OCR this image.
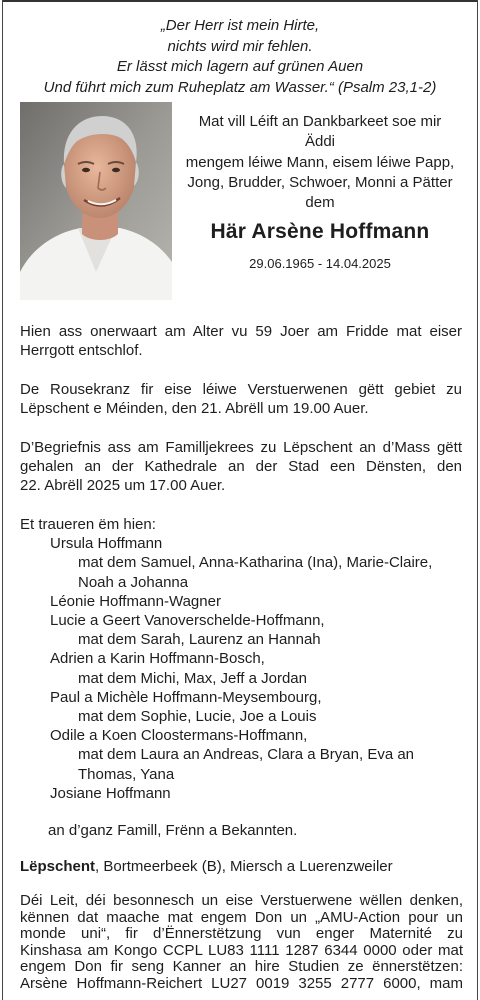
„Der Herr ist mein Hirte,
nichts wird mir fehlen.
Er lässt mich lagern auf grünen Auen
Und führt mich zum Ruheplatz am Wasser.“ (Psalm 23,1-2)
Mat vill Léift an Dankbarkeet soe mir
Äddi
mengem léiwe Mann, eisem léiwe Papp,
Jong, Brudder, Schwoer, Monni a Pätter
dem
Här Arsène Hoffmann
29.06.1965 - 14.04.2025
Hien ass onerwaart am Alter vu 59 Joer am Fridde mat eiser Herrgott entschlof.
De Rousekranz fir eise léiwe Verstuerwenen gëtt gebiet zu Lëpschent e Méinden, den 21. Abrëll um 19.00 Auer.
D’Begriefnis ass am Familljekrees zu Lëpschent an d’Mass gëtt
gehalen an der Kathedrale an der Stad een Dënsten, den
22. Abrëll 2025 um 17.00 Auer.
Et traueren ëm hien:
Ursula Hoffmann
mat dem Samuel, Anna-Katharina (Ina), Marie-Claire,
Noah a Johanna
Léonie Hoffmann-Wagner
Lucie a Geert Vanoverschelde-Hoffmann,
mat dem Sarah, Laurenz an Hannah
Adrien a Karin Hoffmann-Bosch,
mat dem Michi, Max, Jeff a Jordan
Paul a Michèle Hoffmann-Meysembourg,
mat dem Sophie, Lucie, Joe a Louis
Odile a Koen Cloostermans-Hoffmann,
mat dem Laura an Andreas, Clara a Bryan, Eva an
Thomas, Yana
Josiane Hoffmann
an d’ganz Famill, Frënn a Bekannten.
Lëpschent, Bortmeerbeek (B), Miersch a Luerenzweiler
Déi Leit, déi besonnesch un eise Verstuerwene wëllen denken,
kënnen dat maache mat engem Don un „AMU-Action pour un
monde uni“, fir d’Ënnerstëtzung vun enger Maternité zu
Kinshasa am Kongo CCPL LU83 1111 1287 6344 0000 oder mat
engem Don fir seng Kanner an hire Studien ze ënnerstëtzen:
Arsène Hoffmann-Reichert LU27 0019 3255 2777 6000, mam
